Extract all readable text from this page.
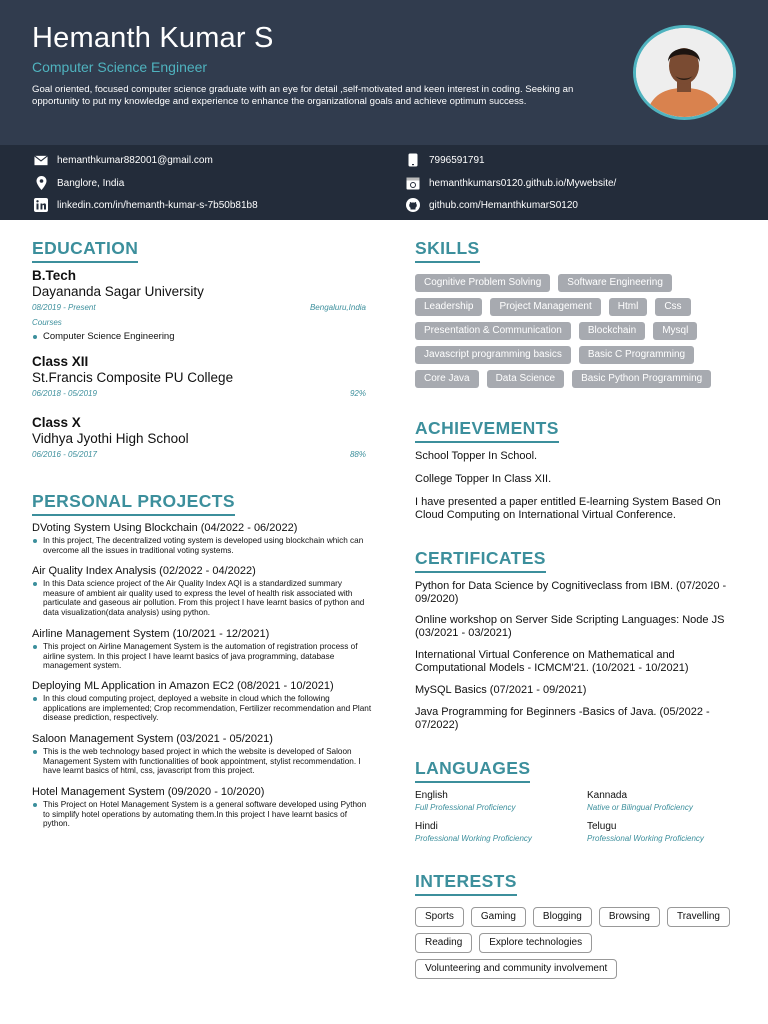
Hemanth Kumar S
Computer Science Engineer
Goal oriented, focused computer science graduate with an eye for detail ,self-motivated and keen interest in coding. Seeking an opportunity to put my knowledge and experience to enhance the organizational goals and achieve optimum success.
hemanthkumar882001@gmail.com	7996591791
Banglore, India	hemanthkumars0120.github.io/Mywebsite/
linkedin.com/in/hemanth-kumar-s-7b50b81b8	github.com/HemanthkumarS0120
EDUCATION
B.Tech
Dayananda Sagar University
08/2019 - Present	Bengaluru,India
Courses
Computer Science Engineering
Class XII
St.Francis Composite PU College
06/2018 - 05/2019	92%
Class X
Vidhya Jyothi High School
06/2016 - 05/2017	88%
PERSONAL PROJECTS
DVoting System Using Blockchain (04/2022 - 06/2022)
In this project, The decentralized voting system is developed using blockchain which can overcome all the issues in traditional voting systems.
Air Quality Index Analysis (02/2022 - 04/2022)
In this Data science project of the Air Quality Index AQI is a standardized summary measure of ambient air quality used to express the level of health risk associated with particulate and gaseous air pollution. From this project I have learnt basics of python and data visualization(data analysis) using python.
Airline Management System (10/2021 - 12/2021)
This project on Airline Management System is the automation of registration process of airline system. In this project I have learnt basics of java programming, database management system.
Deploying ML Application in Amazon EC2 (08/2021 - 10/2021)
In this cloud computing project, deployed a website in cloud which the following applications are implemented; Crop recommendation, Fertilizer recommendation and Plant disease prediction, respectively.
Saloon Management System (03/2021 - 05/2021)
This is the web technology based project in which the website is developed of Saloon Management System with functionalities of book appointment, stylist recommendation. I have learnt basics of html, css, javascript from this project.
Hotel Management System (09/2020 - 10/2020)
This Project on Hotel Management System is a general software developed using Python to simplify hotel operations by automating them.In this project I have learnt basics of python.
SKILLS
Cognitive Problem Solving	Software Engineering
Leadership	Project Management	Html	Css
Presentation & Communication	Blockchain	Mysql
Javascript programming basics	Basic C Programming
Core Java	Data Science	Basic Python Programming
ACHIEVEMENTS
School Topper In School.
College Topper In Class XII.
I have presented a paper entitled E-learning System Based On Cloud Computing on International Virtual Conference.
CERTIFICATES
Python for Data Science by Cognitiveclass from IBM. (07/2020 - 09/2020)
Online workshop on Server Side Scripting Languages: Node JS (03/2021 - 03/2021)
International Virtual Conference on Mathematical and Computational Models - ICMCM'21. (10/2021 - 10/2021)
MySQL Basics (07/2021 - 09/2021)
Java Programming for Beginners -Basics of Java. (05/2022 - 07/2022)
LANGUAGES
English
Full Professional Proficiency
Kannada
Native or Bilingual Proficiency
Hindi
Professional Working Proficiency
Telugu
Professional Working Proficiency
INTERESTS
Sports	Gaming	Blogging	Browsing	Travelling
Reading	Explore technologies
Volunteering and community involvement
